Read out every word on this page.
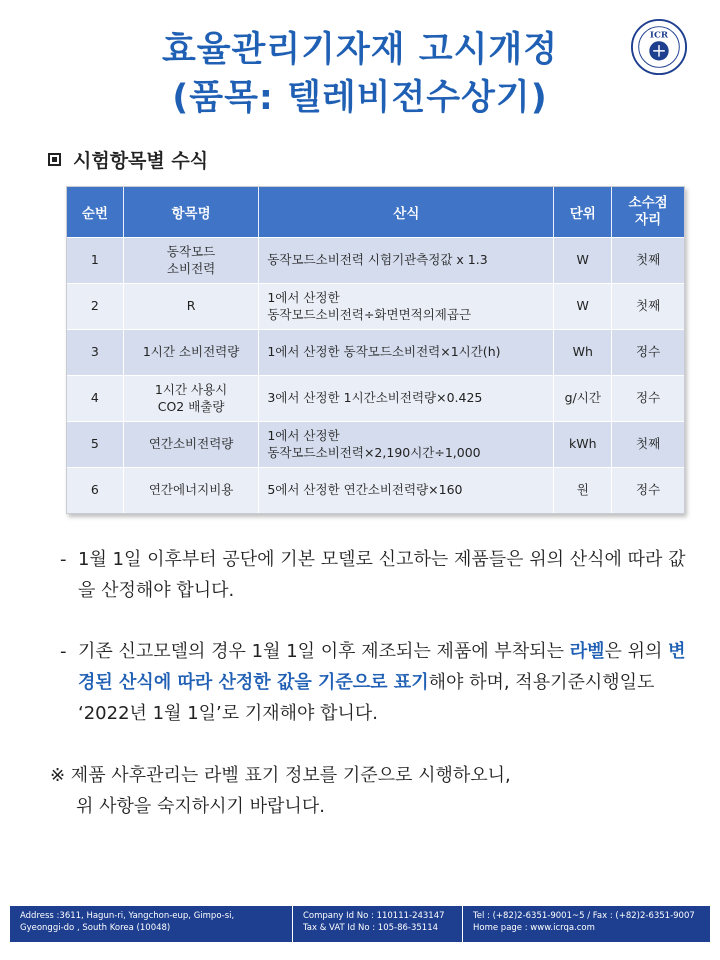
효율관리기자재 고시개정
(품목: 텔레비전수상기)
ICR
시험항목별 수식
순번	항목명	산식	단위	소수점
자리
1	동작모드
소비전력	동작모드소비전력 시험기관측정값 x 1.3	W	첫째
2	R	1에서 산정한
동작모드소비전력÷화면면적의제곱근	W	첫째
3	1시간 소비전력량	1에서 산정한 동작모드소비전력×1시간(h)	Wh	정수
4	1시간 사용시
CO2 배출량	3에서 산정한 1시간소비전력량×0.425	g/시간	정수
5	연간소비전력량	1에서 산정한
동작모드소비전력×2,190시간÷1,000	kWh	첫째
6	연간에너지비용	5에서 산정한 연간소비전력량×160	원	정수
- 1월 1일 이후부터 공단에 기본 모델로 신고하는 제품들은 위의 산식에 따라 값을 산정해야 합니다.
- 기존 신고모델의 경우 1월 1일 이후 제조되는 제품에 부착되는 라벨은 위의 변경된 산식에 따라 산정한 값을 기준으로 표기해야 하며, 적용기준시행일도 ‘2022년 1월 1일’로 기재해야 합니다.
※ 제품 사후관리는 라벨 표기 정보를 기준으로 시행하오니,
위 사항을 숙지하시기 바랍니다.
Address :3611, Hagun-ri, Yangchon-eup, Gimpo-si,
Gyeonggi-do , South Korea (10048)
Company Id No : 110111-243147
Tax & VAT Id No : 105-86-35114
Tel : (+82)2-6351-9001~5 / Fax : (+82)2-6351-9007
Home page : www.icrqa.com
